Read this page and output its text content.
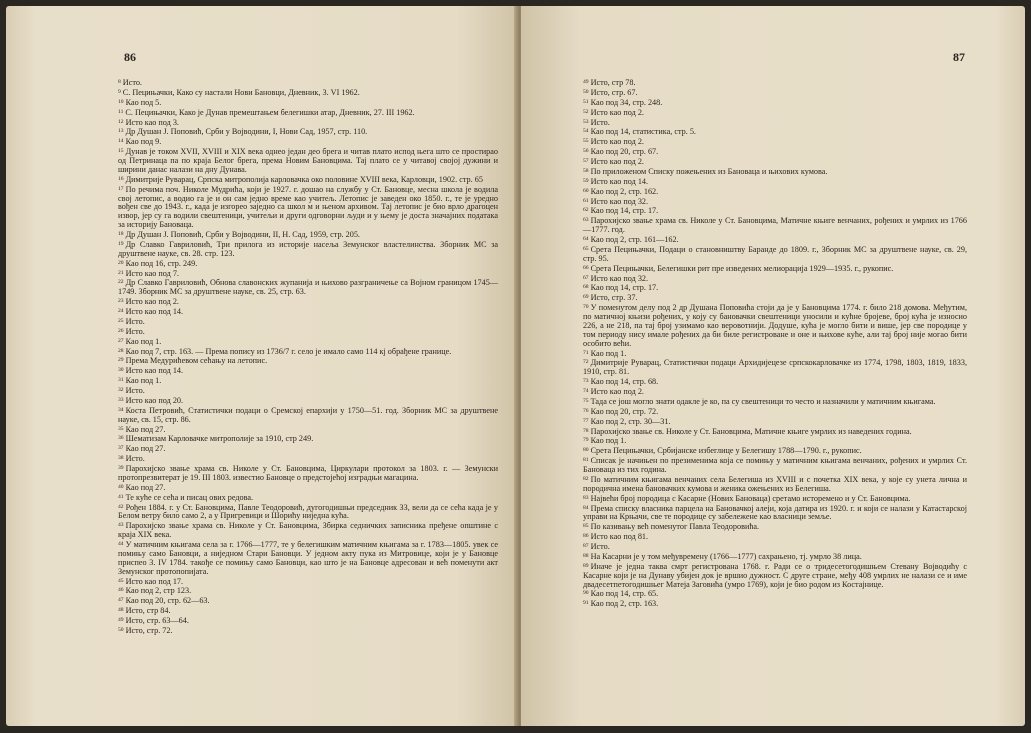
86
$^8$ Исто.
$^9$ С. Пецињачки, Како су настали Нови Бановци, Дневник, 3. VI 1962.
$^{10}$ Као под 5.
$^{11}$ С. Пецињачки, Како је Дунав премештањем белегишки атар, Дневник, 27. III 1962.
$^{12}$ Исто као под 3.
$^{13}$ Др Душан Ј. Поповић, Срби у Војводини, I, Нови Сад, 1957, стр. 110.
$^{14}$ Као под 9.
$^{15}$ Дунав је током XVII, XVIII и XIX века однео један део брега и читав плато испод њега што се простирао од Петринаца па по краја Белог брега, према Новим Бановцима. Тај плато се у читавој својој дужини и ширини данас налази на дну Дунава.
$^{16}$ Димитрије Руварац, Српска митрополија карловачка око половине XVIII века, Карловци, 1902. стр. 65
$^{17}$ По речима поч. Николе Мудрића, који је 1927. г. дошао на службу у Ст. Бановце, месна школа је водила свој летопис, а водио га је и он сам једно време као учитељ. Летопис је заведен око 1850. г., те је уредно вођен све до 1943. г., када је изгорео заједно са школ м и њеном архивом. Тај летопис је био врло драгоцен извор, јер су га водили свештеници, учитељи и други одговорни људи и у њему је доста значајних података за историју Бановаца.
$^{18}$ Др Душан Ј. Поповић, Срби у Војводини, II, Н. Сад, 1959, стр. 205.
$^{19}$ Др Славко Гавриловић, Три прилога из историје насеља Земунског властелинства. Зборник МС за друштвене науке, св. 28. стр. 123.
$^{20}$ Као под 16, стр. 249.
$^{21}$ Исто као под 7.
$^{22}$ Др Славко Гавриловић, Обнова славонских жупанија и њихово разграничење са Војном границом 1745—1749. Зборник МС за друштвене науке, св. 25, стр. 63.
$^{23}$ Исто као под 2.
$^{24}$ Исто као под 14.
$^{25}$ Исто.
$^{26}$ Исто.
$^{27}$ Као под 1.
$^{28}$ Као под 7, стр. 163. — Према попису из 1736/7 г. село је имало само 114 кј обрађене границе.
$^{29}$ Према Медурићевом сећању на летопис.
$^{30}$ Исто као под 14.
$^{31}$ Као под 1.
$^{32}$ Исто.
$^{33}$ Исто као под 20.
$^{34}$ Коста Петровић, Статистички подаци о Сремској епархији у 1750—51. год. Зборник МС за друштвене науке, св. 15, стр. 86.
$^{35}$ Као под 27.
$^{36}$ Шематизам Карловачке митрополије за 1910, стр 249.
$^{37}$ Као под 27.
$^{38}$ Исто.
$^{39}$ Парохијско звање храма св. Николе у Ст. Бановцима, Циркулари протокол за 1803. г. — Земунски протопрезвитерат је 19. III 1803. известио Бановце о предстојећој изградњи магацина.
$^{40}$ Као под 27.
$^{41}$ Те куће се сећа и писац ових редова.
$^{42}$ Рођен 1884. г. у Ст. Бановцима, Павле Теодоровић, дугогодишњи председник ЗЗ, вели да се сећа када је у Белом ветру било само 2, а у Пригревици и Шорићу ниједна кућа.
$^{43}$ Парохијско звање храма св. Николе у Ст. Бановцима, Збирка седничких записника пређене општине с краја XIX века.
$^{44}$ У матичним књигама села за г. 1766—1777, те у белегишким матичним књигама за г. 1783—1805. увек се помињу само Бановци, а ниједном Стари Бановци. У једном акту пука из Митровице, који је у Бановце приспео 3. IV 1784. такође се помињу само Бановци, као што је на Бановце адресован и већ поменути акт Земунског протопопијата.
$^{45}$ Исто као под 17.
$^{46}$ Као под 2, стр 123.
$^{47}$ Као под 20, стр. 62—63.
$^{48}$ Исто, стр 84.
$^{49}$ Исто, стр. 63—64.
$^{50}$ Исто, стр. 72.
87
$^{49}$ Исто, стр 78.
$^{50}$ Исто, стр. 67.
$^{51}$ Као под 34, стр. 248.
$^{52}$ Исто као под 2.
$^{53}$ Исто.
$^{54}$ Као под 14, статистика, стр. 5.
$^{55}$ Исто као под 2.
$^{56}$ Као под 20, стр. 67.
$^{57}$ Исто као под 2.
$^{58}$ По приложеном Списку пожењених из Бановаца и њихових кумова.
$^{59}$ Исто као под 14.
$^{60}$ Као под 2, стр. 162.
$^{61}$ Исто као под 32.
$^{62}$ Као под 14, стр. 17.
$^{63}$ Парохијско звање храма св. Николе у Ст. Бановцима, Матичне књиге венчаних, рођених и умрлих из 1766—1777. год.
$^{64}$ Као под 2, стр. 161—162.
$^{65}$ Срета Пецињачки, Подаци о становништву Баранде до 1809. г., Зборник МС за друштвене науке, св. 29, стр. 95.
$^{66}$ Срета Пецињачки, Белегишки рит пре изведених мелиорација 1929—1935. г., рукопис.
$^{67}$ Исто као под 32.
$^{68}$ Као под 14, стр. 17.
$^{69}$ Исто, стр. 37.
$^{70}$ У поменутом делу под 2 др Душана Поповића стоји да је у Бановцима 1774. г. било 218 домова. Међутим, по матичној књизи рођених, у коју су бановачки свештеници уносили и кућне бројеве, број кућа је износио 226, а не 218, па тај број узимамо као веровотнији. Додуше, кућа је могло бити и више, јер све породице у том периоду нису имале рођених да би биле регистроване и оне и њихове куће, али тај број није могао бити особито већи.
$^{71}$ Као под 1.
$^{72}$ Димитрије Руварац, Статистички подаци Архидијецезе српскокарловачке из 1774, 1798, 1803, 1819, 1833, 1910, стр. 81.
$^{73}$ Као под 14, стр. 68.
$^{74}$ Исто као под 2.
$^{75}$ Тада се још могло знати одакле је ко, па су свештеници то често и назначили у матичним књигама.
$^{76}$ Као под 20, стр. 72.
$^{77}$ Као под 2, стр. 30—31.
$^{78}$ Парохијско звање св. Николе у Ст. Бановцима, Матичне књиге умрлих из наведених година.
$^{79}$ Као под 1.
$^{80}$ Срета Пецињачки, Србијанске избеглице у Белегишу 1788—1790. г., рукопис.
$^{81}$ Списак је начињен по презименима која се помињу у матичним књигама венчаних, рођених и умрлих Ст. Бановаца из тих година.
$^{82}$ По матичним књигама венчаних села Белегиша из XVIII и с почетка XIX века, у које су унета лична и породична имена бановачких кумова и женика ожењених из Белегиша.
$^{83}$ Највећи број породица с Касарне (Нових Бановаца) сретамо исторемено и у Ст. Бановцима.
$^{84}$ Према списку власника парцела на Бановачкој алеји, која датира из 1920. г. и који се налази у Катастарској управи на Крњачи, све те породице су забележене као власници земље.
$^{85}$ По казивању већ поменутог Павла Теодоровића.
$^{86}$ Исто као под 81.
$^{87}$ Исто.
$^{88}$ На Касарни је у том међувремену (1766—1777) сахрањено, тј. умрло 38 лица.
$^{89}$ Иначе је једна таква смрт регистрована 1768. г. Ради се о тридесетогодишњем Стевану Војводићу с Касарне који је на Дунаву убијен док је вршио дужност. С друге стране, међу 408 умрлих не налази се и име двадесетпетогодишњег Матеја Заговића (умро 1769), који је био родом из Костајнице.
$^{90}$ Као под 14, стр. 65.
$^{91}$ Као под 2, стр. 163.
